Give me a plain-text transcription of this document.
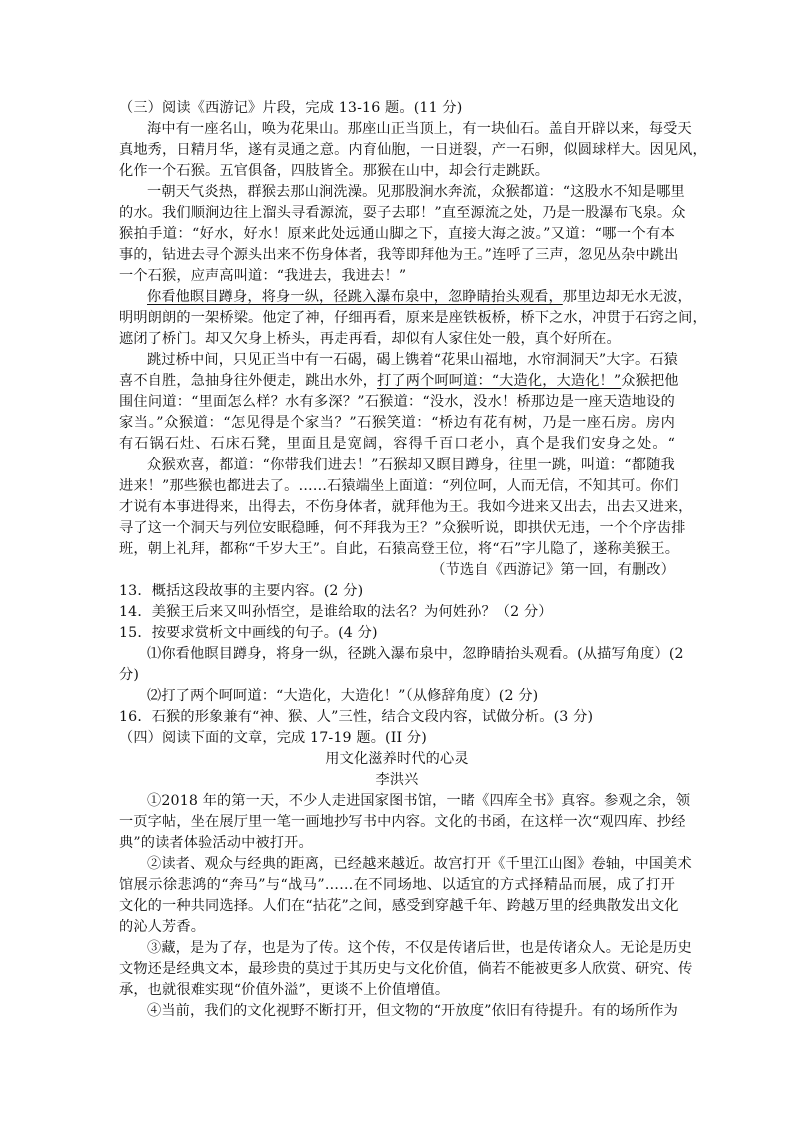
（三）阅读《西游记》片段，完成 13-16 题。(11 分)
海中有一座名山，唤为花果山。那座山正当顶上，有一块仙石。盖自开辟以来，每受天
真地秀，日精月华，遂有灵通之意。内育仙胞，一日迸裂，产一石卵，似圆球样大。因见风，
化作一个石猴。五官俱备，四肢皆全。那猴在山中，却会行走跳跃。
一朝天气炎热，群猴去那山涧洗澡。见那股涧水奔流，众猴都道：“这股水不知是哪里
的水。我们顺涧边往上溜头寻看源流，耍子去耶！”直至源流之处，乃是一股瀑布飞泉。众
猴拍手道：“好水，好水！原来此处远通山脚之下，直接大海之波。”又道：“哪一个有本
事的，钻进去寻个源头出来不伤身体者，我等即拜他为王。”连呼了三声，忽见丛杂中跳出
一个石猴，应声高叫道：“我进去，我进去！”
你看他瞑目蹲身，将身一纵，径跳入瀑布泉中，忽睁睛抬头观看， 那里边却无水无波，
明明朗朗的一架桥梁。他定了神，仔细再看，原来是座铁板桥，桥下之水，冲贯于石窍之间，
遮闭了桥门。却又欠身上桥头，再走再看，却似有人家住处一般，真个好所在。
跳过桥中间，只见正当中有一石碣，碣上镌着“花果山福地，水帘洞洞天”大字。石猿
喜不自胜，急抽身往外便走，跳出水外， 打了两个呵呵道：“大造化，大造化！” 众猴把他
围住问道：“里面怎么样？水有多深？”石猴道：“没水，没水！桥那边是一座天造地设的
家当。”众猴道：“怎见得是个家当？”石猴笑道：“桥边有花有树，乃是一座石房。房内
有石锅石灶、石床石凳，里面且是宽阔，容得千百口老小，真个是我们安身之处。“
众猴欢喜，都道：“你带我们进去！”石猴却又瞑目蹲身，往里一跳，叫道：“都随我
进来！”那些猴也都进去了。……石猿端坐上面道：“列位呵，人而无信，不知其可。你们
才说有本事进得来，出得去，不伤身体者，就拜他为王。我如今进来又出去，出去又进来，
寻了这一个洞天与列位安眠稳睡，何不拜我为王？”众猴听说，即拱伏无违，一个个序齿排
班，朝上礼拜，都称“千岁大王”。自此，石猿高登王位，将“石”字儿隐了，遂称美猴王。
（节选自《西游记》第一回，有删改）
13．概括这段故事的主要内容。(2 分)
14．美猴王后来又叫孙悟空，是谁给取的法名？为何姓孙？（2 分）
15．按要求赏析文中画线的句子。(4 分)
⑴你看他瞑目蹲身，将身一纵，径跳入瀑布泉中，忽睁睛抬头观看。(从描写角度）(2
分)
⑵打了两个呵呵道：“大造化，大造化！”（从修辞角度）(2 分)
16．石猴的形象兼有“神、猴、人”三性，结合文段内容，试做分析。(3 分)
（四）阅读下面的文章，完成 17-19 题。(II 分)
用文化滋养时代的心灵
李洪兴
①2018 年的第一天，不少人走进国家图书馆，一睹《四库全书》真容。参观之余，领
一页字帖，坐在展厅里一笔一画地抄写书中内容。文化的书函，在这样一次“观四库、抄经
典”的读者体验活动中被打开。
②读者、观众与经典的距离，已经越来越近。故宫打开《千里江山图》卷轴，中国美术
馆展示徐悲鸿的“奔马”与“战马”……在不同场地、以适宜的方式择精品而展，成了打开
文化的一种共同选择。人们在“拈花”之间，感受到穿越千年、跨越万里的经典散发出文化
的沁人芳香。
③藏，是为了存，也是为了传。这个传，不仅是传诸后世，也是传诸众人。无论是历史
文物还是经典文本，最珍贵的莫过于其历史与文化价值，倘若不能被更多人欣赏、研究、传
承，也就很难实现“价值外溢”，更谈不上价值增值。
④当前，我们的文化视野不断打开，但文物的“开放度”依旧有待提升。有的场所作为
